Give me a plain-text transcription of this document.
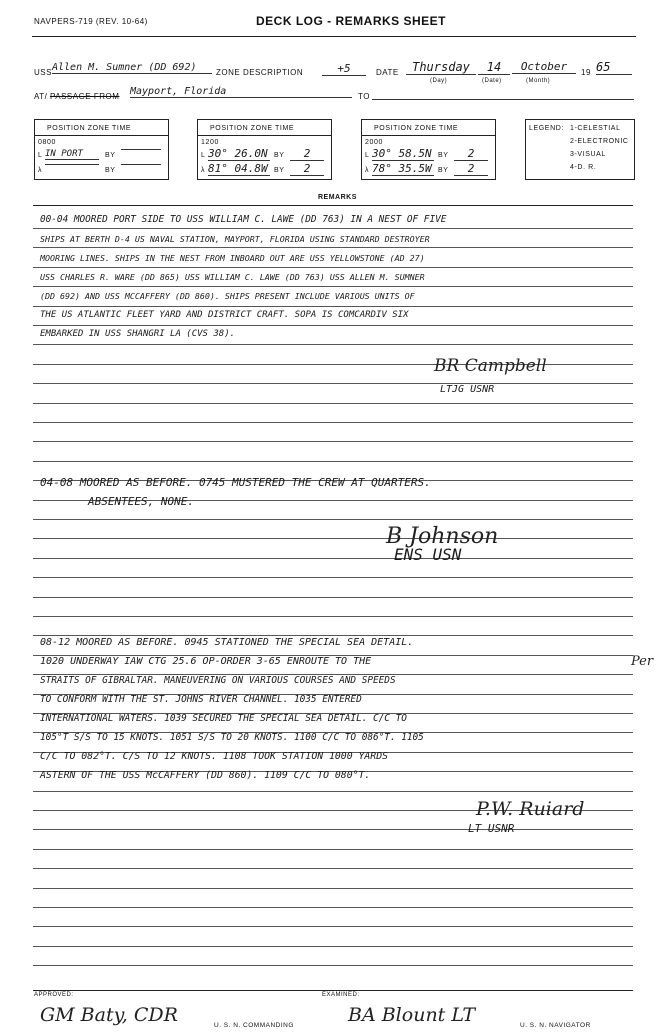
NAVPERS-719 (REV. 10-64)	DECK LOG - REMARKS SHEET
USS Allen M. Sumner (DD 692)	ZONE DESCRIPTION	+5	DATE	Thursday	14	October	19 65
(Day)	(Date)	(Month)
AT/ PASSAGE FROM Mayport, Florida	TO
POSITION ZONE TIME
0800
L IN PORT	BY
λ	BY
POSITION ZONE TIME
1200
L 30° 26.0N BY	2
λ 81° 04.8W BY	2
POSITION ZONE TIME
2000
L 30° 58.5N BY	2
λ 78° 35.5W BY	2
LEGEND: 1-CELESTIAL
2-ELECTRONIC
3-VISUAL
4-D. R.
REMARKS
00-04 MOORED PORT SIDE TO USS WILLIAM C. LAWE (DD 763) IN A NEST OF FIVE
SHIPS AT BERTH D-4 US NAVAL STATION, MAYPORT, FLORIDA USING STANDARD DESTROYER
MOORING LINES. SHIPS IN THE NEST FROM INBOARD OUT ARE USS YELLOWSTONE (AD 27)
USS CHARLES R. WARE (DD 865) USS WILLIAM C. LAWE (DD 763) USS ALLEN M. SUMNER
(DD 692) AND USS MCCAFFERY (DD 860). SHIPS PRESENT INCLUDE VARIOUS UNITS OF
THE US ATLANTIC FLEET YARD AND DISTRICT CRAFT. SOPA IS COMCARDIV SIX
EMBARKED IN USS SHANGRI LA (CVS 38).
BR Campbell
LTJG USNR
04-08 MOORED AS BEFORE. 0745 MUSTERED THE CREW AT QUARTERS.
ABSENTEES, NONE.
B Johnson
ENS USN
08-12 MOORED AS BEFORE. 0945 STATIONED THE SPECIAL SEA DETAIL.
1020 UNDERWAY IAW CTG 25.6 OP-ORDER 3-65 ENROUTE TO THE
STRAITS OF GIBRALTAR. MANEUVERING ON VARIOUS COURSES AND SPEEDS
TO CONFORM WITH THE ST. JOHNS RIVER CHANNEL. 1035 ENTERED
INTERNATIONAL WATERS. 1039 SECURED THE SPECIAL SEA DETAIL. C/C TO
105°T S/S TO 15 KNOTS. 1051 S/S TO 20 KNOTS. 1100 C/C TO 086°T. 1105
C/C TO 082°T. C/S TO 12 KNOTS. 1108 TOOK STATION 1000 YARDS
ASTERN OF THE USS McCAFFERY (DD 860). 1109 C/C TO 080°T.
Per
P.W. Ruiard
LT USNR
APPROVED:
GM Baty, CDR	U. S. N. COMMANDING
EXAMINED:
BA Blount LT	U. S. N. NAVIGATOR
